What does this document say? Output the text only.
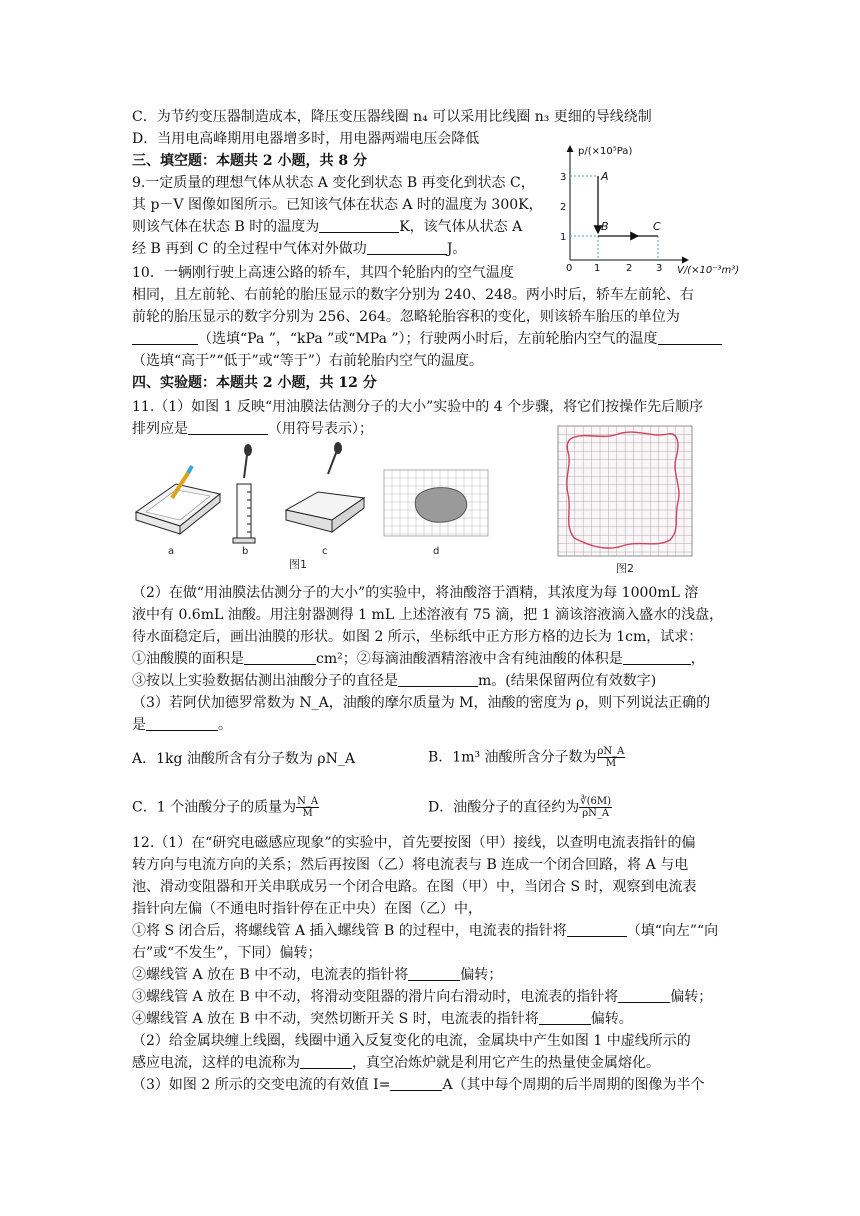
C．为节约变压器制造成本，降压变压器线圈 n₄ 可以采用比线圈 n₃ 更细的导线绕制
D．当用电高峰期用电器增多时，用电器两端电压会降低
三、填空题：本题共 2 小题，共 8 分
9.一定质量的理想气体从状态 A 变化到状态 B 再变化到状态 C，
其 p－V 图像如图所示。已知该气体在状态 A 时的温度为 300K，
则该气体在状态 B 时的温度为	K，该气体从状态 A
经 B 再到 C 的全过程中气体对外做功	J。
p/(×10⁵Pa)
V/(×10⁻³m³)
3
2
1
0 1	2 3
A
B	C
10．一辆刚行驶上高速公路的轿车，其四个轮胎内的空气温度
相同，且左前轮、右前轮的胎压显示的数字分别为 240、248。两小时后，轿车左前轮、右
前轮的胎压显示的数字分别为 256、264。忽略轮胎容积的变化，则该轿车胎压的单位为
（选填“Pa ”，“kPa ”或“MPa ”）；行驶两小时后，左前轮胎内空气的温度
（选填“高于”“低于”或“等于”）右前轮胎内空气的温度。
四、实验题：本题共 2 小题，共 12 分
11.（1）如图 1 反映“用油膜法估测分子的大小”实验中的 4 个步骤，将它们按操作先后顺序
排列应是	（用符号表示）；
a	b	c	d
图1	图2
（2）在做“用油膜法估测分子的大小”的实验中，将油酸溶于酒精，其浓度为每 1000mL 溶
液中有 0.6mL 油酸。用注射器测得 1 mL 上述溶液有 75 滴，把 1 滴该溶液滴入盛水的浅盘，
待水面稳定后，画出油膜的形状。如图 2 所示，坐标纸中正方形方格的边长为 1cm，试求：
①油酸膜的面积是	cm²；②每滴油酸酒精溶液中含有纯油酸的体积是	，
③按以上实验数据估测出油酸分子的直径是	m。(结果保留两位有效数字)
（3）若阿伏加德罗常数为 N_A，油酸的摩尔质量为 M，油酸的密度为 ρ，则下列说法正确的
是	。
A．1kg 油酸所含有分子数为 ρN_A	B．1m³ 油酸所含分子数为 $\frac{\rho N\_A}{M}$
C．1 个油酸分子的质量为 $\frac{N\_A}{M}$	D．油酸分子的直径约为 $\frac{∛(6M)}{\rho N\_A}$
12.（1）在“研究电磁感应现象”的实验中，首先要按图（甲）接线，以查明电流表指针的偏
转方向与电流方向的关系；然后再按图（乙）将电流表与 B 连成一个闭合回路，将 A 与电
池、滑动变阻器和开关串联成另一个闭合电路。在图（甲）中，当闭合 S 时，观察到电流表
指针向左偏（不通电时指针停在正中央）在图（乙）中，
①将 S 闭合后，将螺线管 A 插入螺线管 B 的过程中，电流表的指针将	（填“向左”“向
右”或“不发生”，下同）偏转；
②螺线管 A 放在 B 中不动，电流表的指针将	偏转；
③螺线管 A 放在 B 中不动，将滑动变阻器的滑片向右滑动时，电流表的指针将	偏转；
④螺线管 A 放在 B 中不动，突然切断开关 S 时，电流表的指针将	偏转。
（2）给金属块缠上线圈，线圈中通入反复变化的电流，金属块中产生如图 1 中虚线所示的
感应电流，这样的电流称为	，真空冶炼炉就是利用它产生的热量使金属熔化。
（3）如图 2 所示的交变电流的有效值 I=	A（其中每个周期的后半周期的图像为半个
